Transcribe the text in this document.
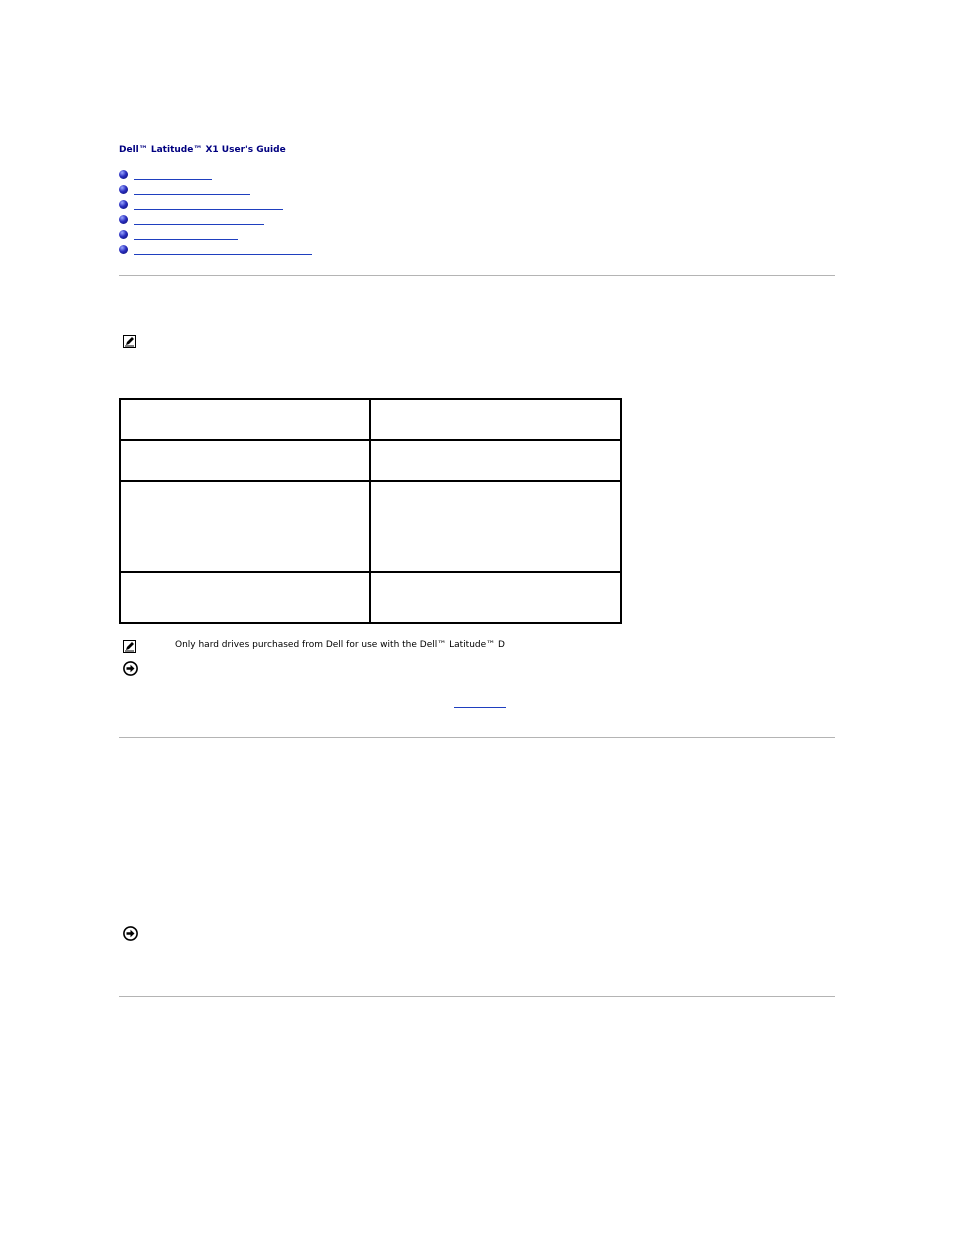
Dell™ Latitude™ X1 User's Guide

Only hard drives purchased from Dell for use with the Dell™ Latitude™ D
